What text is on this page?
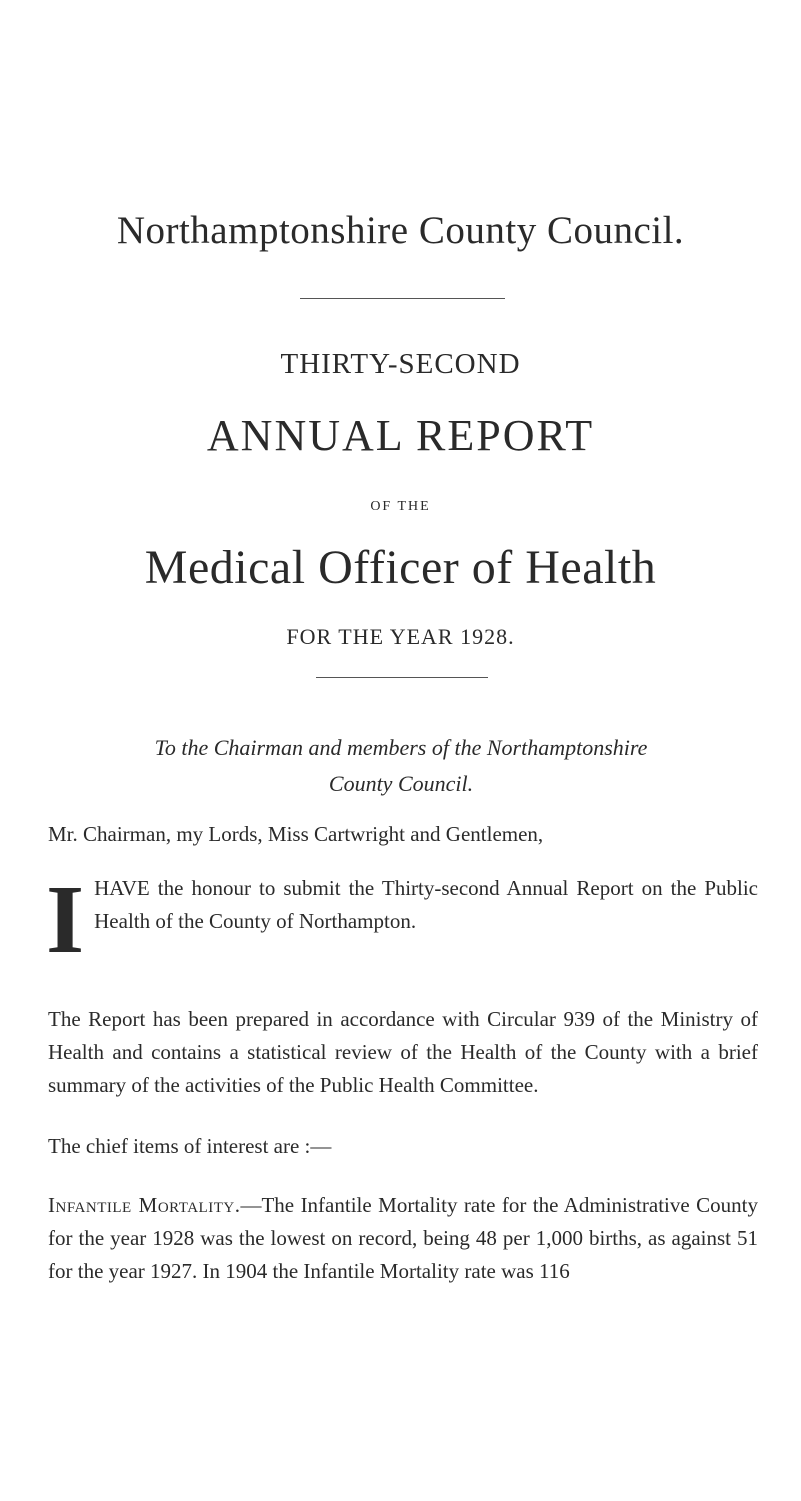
Northamptonshire County Council.
THIRTY-SECOND
ANNUAL REPORT
OF THE
Medical Officer of Health
FOR THE YEAR 1928.
To the Chairman and members of the Northamptonshire
County Council.
Mr. Chairman, my Lords, Miss Cartwright and Gentlemen,
IHAVE the honour to submit the Thirty-second Annual Report on the Public Health of the County of Northampton.
The Report has been prepared in accordance with Circular 939 of the Ministry of Health and contains a statistical review of the Health of the County with a brief summary of the activities of the Public Health Committee.
The chief items of interest are :—
Infantile Mortality.—The Infantile Mortality rate for the Administrative County for the year 1928 was the lowest on record, being 48 per 1,000 births, as against 51 for the year 1927. In 1904 the Infantile Mortality rate was 116
